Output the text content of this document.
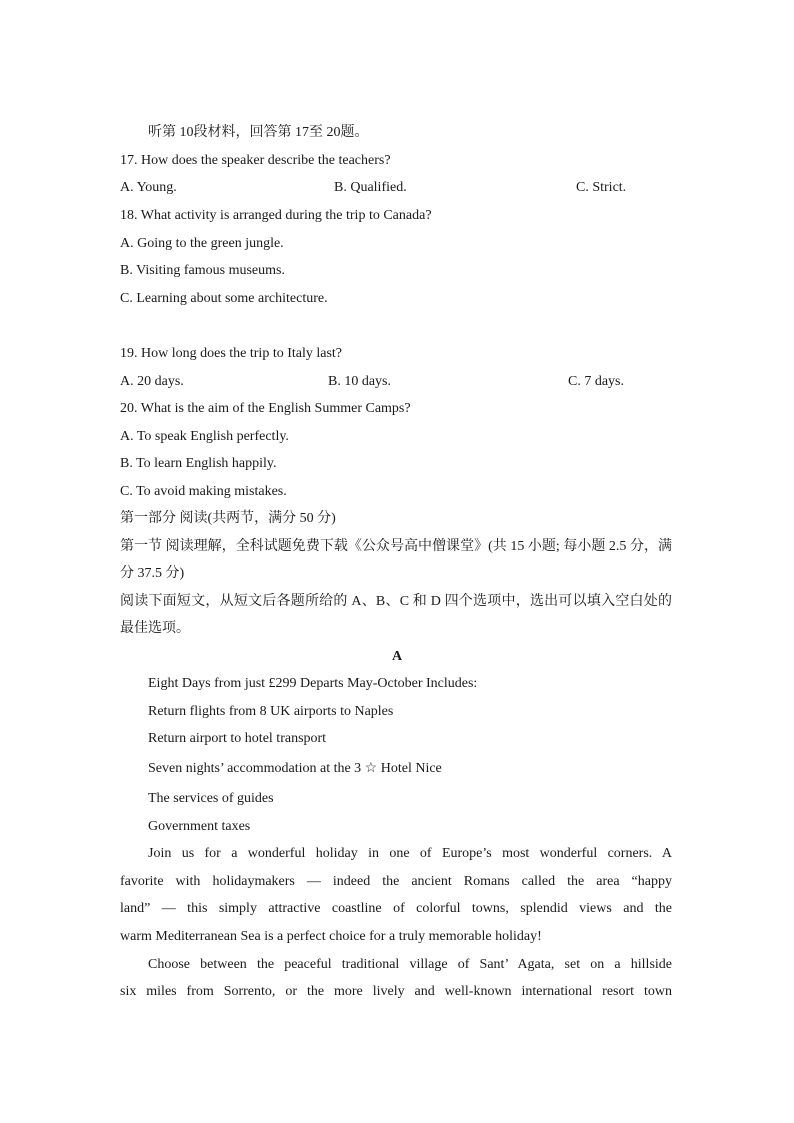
听第 10段材料，回答第 17至 20题。
17. How does the speaker describe the teachers?
A. Young.	B. Qualified.	C. Strict.
18. What activity is arranged during the trip to Canada?
A. Going to the green jungle.
B. Visiting famous museums.
C. Learning about some architecture.
19. How long does the trip to Italy last?
A. 20 days.	B. 10 days.	C. 7 days.
20. What is the aim of the English Summer Camps?
A. To speak English perfectly.
B. To learn English happily.
C. To avoid making mistakes.
第一部分 阅读(共两节，满分 50 分)
第一节 阅读理解，全科试题免费下载《公众号高中僧课堂》(共 15 小题; 每小题 2.5 分，满
分 37.5 分)
阅读下面短文，从短文后各题所给的 A、B、C 和 D 四个选项中，选出可以填入空白处的
最佳选项。
A
Eight Days from just £299 Departs May-October Includes:
Return flights from 8 UK airports to Naples
Return airport to hotel transport
Seven nights’ accommodation at the 3 ☆ Hotel Nice
The services of guides
Government taxes
Join us for a wonderful holiday in one of Europe’s most wonderful corners. A
favorite with holidaymakers — indeed the ancient Romans called the area “happy
land” — this simply attractive coastline of colorful towns, splendid views and the
warm Mediterranean Sea is a perfect choice for a truly memorable holiday!
Choose between the peaceful traditional village of Sant’ Agata, set on a hillside
six miles from Sorrento, or the more lively and well-known international resort town
